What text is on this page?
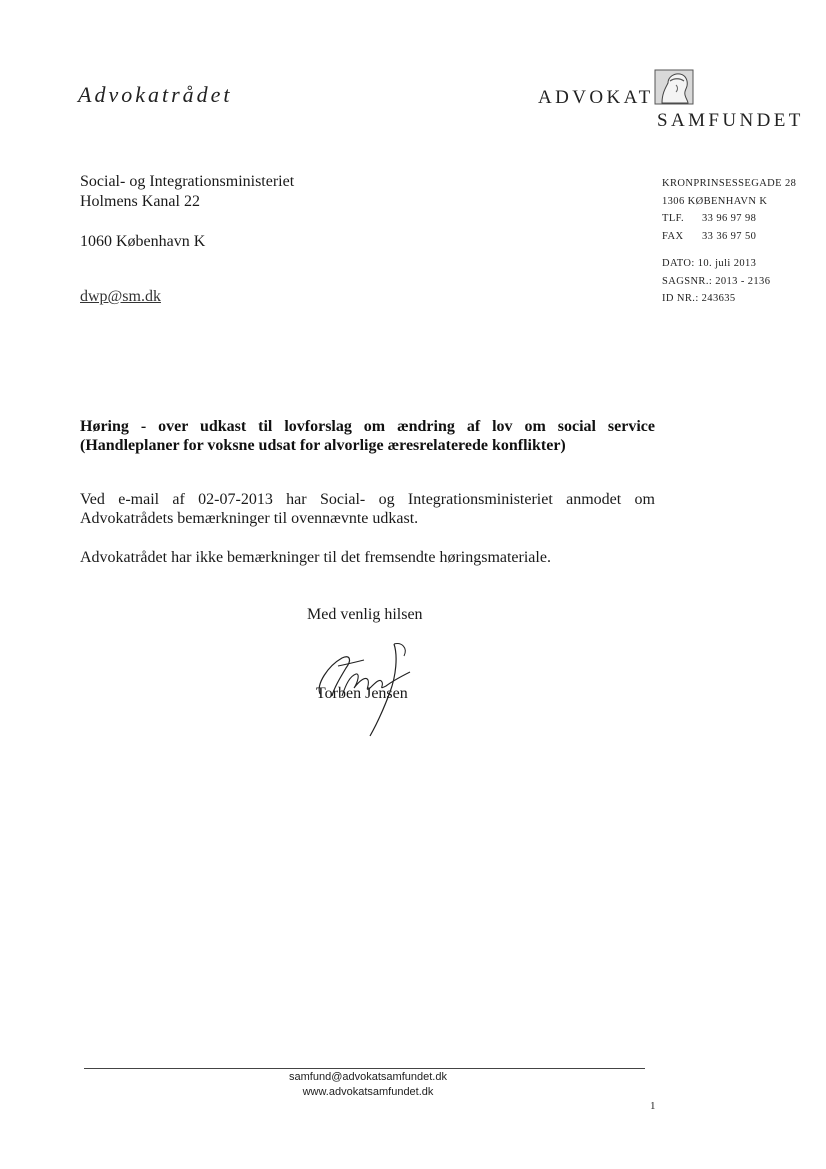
Advokatrådet	ADVOKAT
SAMFUNDET
Social- og Integrationsministeriet
Holmens Kanal 22
1060 København K
dwp@sm.dk
KRONPRINSESSEGADE 28
1306 KØBENHAVN K
TLF. 33 96 97 98
FAX 33 36 97 50
DATO: 10. juli 2013
SAGSNR.: 2013 - 2136
ID NR.: 243635
Høring - over udkast til lovforslag om ændring af lov om social service
(Handleplaner for voksne udsat for alvorlige æresrelaterede konflikter)
Ved e-mail af 02-07-2013 har Social- og Integrationsministeriet anmodet om
Advokatrådets bemærkninger til ovennævnte udkast.
Advokatrådet har ikke bemærkninger til det fremsendte høringsmateriale.
Med venlig hilsen
Torben Jensen
samfund@advokatsamfundet.dk
www.advokatsamfundet.dk
1
